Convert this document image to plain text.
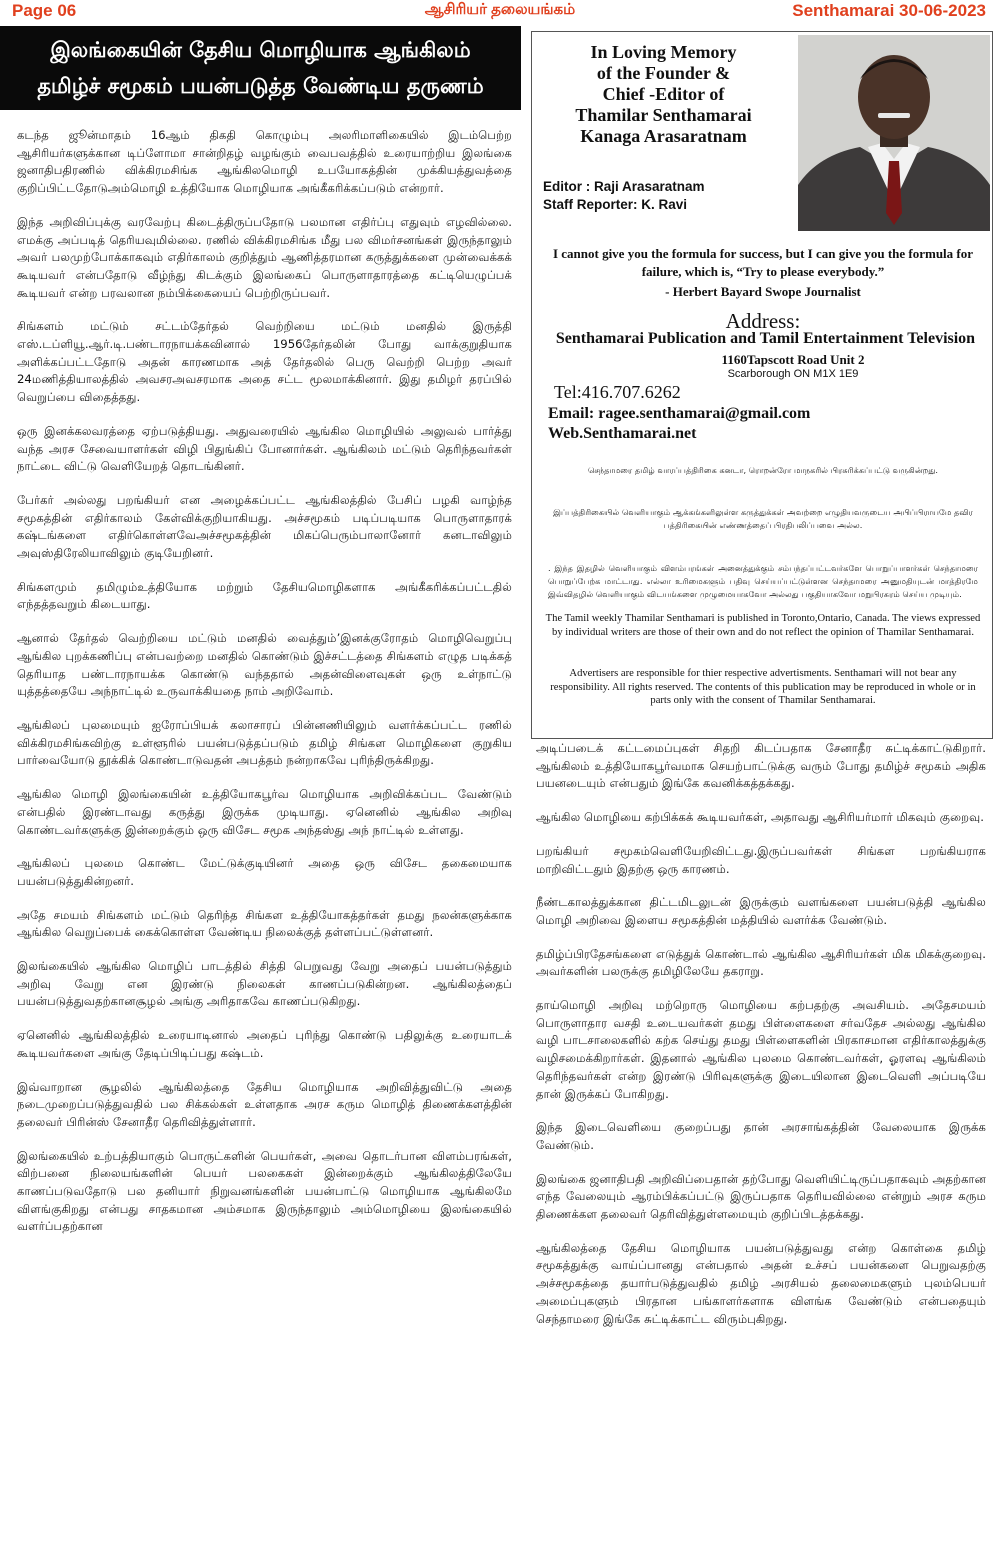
ஆசிரியர் தலையங்கம்
Page 06	Senthamarai 30-06-2023
இலங்கையின் தேசிய மொழியாக ஆங்கிலம்
தமிழ்ச் சமூகம் பயன்படுத்த வேண்டிய தருணம்

கடந்த ஜூன்மாதம் 16ஆம் திகதி கொழும்பு அலரிமாளிகையில் இடம்பெற்ற ஆசிரியர்களுக்கான டிப்ளோமா சான்றிதழ் வழங்கும் வைபவத்தில் உரையாற்றிய இலங்கை ஜனாதிபதிரணில் விக்கிரமசிங்க ஆங்கிலமொழி உபயோகத்தின் முக்கியத்துவத்தை குறிப்பிட்டதோடுஅம்மொழி உத்தியோக மொழியாக அங்கீகரிக்கப்படும் என்றார்.

இந்த அறிவிப்புக்கு வரவேற்பு கிடைத்திருப்பதோடு பலமான எதிர்ப்பு எதுவும் எழவில்லை. எமக்கு அப்படித் தெரியவுமில்லை. ரணில் விக்கிரமசிங்க மீது பல விமர்சனங்கள் இருந்தாலும் அவர் பலமுற்போக்காகவும் எதிர்காலம் குறித்தும் ஆணித்தரமான கருத்துக்களை முன்வைக்கக் கூடியவர் என்பதோடு வீழ்ந்து கிடக்கும் இலங்கைப் பொருளாதாரத்தை கட்டியெழுப்பக் கூடியவர் என்ற பரவலான நம்பிக்கையைப் பெற்றிருப்பவர்.

சிங்களம் மட்டும் சட்டம்தேர்தல் வெற்றியை மட்டும் மனதில் இருத்தி எஸ்.டப்ளியூ.ஆர்.டி.பண்டாரநாயக்கவினால் 1956தேர்தலின் போது வாக்குறுதியாக அளிக்கப்பட்டதோடு அதன் காரணமாக அத் தேர்தலில் பெரு வெற்றி பெற்ற அவர் 24மணித்தியாலத்தில் அவசரஅவசரமாக அதை சட்ட மூலமாக்கினார். இது தமிழர் தரப்பில் வெறுப்பை விதைத்தது.

ஒரு இனக்கலவரத்தை ஏற்படுத்தியது. அதுவரையில் ஆங்கில மொழியில் அலுவல் பார்த்து வந்த அரச சேவையாளர்கள் விழி பிதுங்கிப் போனார்கள். ஆங்கிலம் மட்டும் தெரிந்தவர்கள் நாட்டை விட்டு வெளியேறத் தொடங்கினர்.

பேர்கர் அல்லது பறங்கியர் என அழைக்கப்பட்ட ஆங்கிலத்தில் பேசிப் பழகி வாழ்ந்த சமூகத்தின் எதிர்காலம் கேள்விக்குறியாகியது. அச்சமூகம் படிப்படியாக பொருளாதாரக் கஷ்டங்களை எதிர்கொள்ளவேஅச்சமூகத்தின் மிகப்பெரும்பாலானோர் கனடாவிலும் அவுஸ்திரேலியாவிலும் குடியேறினர்.

சிங்களமும் தமிழும்உத்தியோக மற்றும் தேசியமொழிகளாக அங்கீகரிக்கப்பட்டதில் எந்தத்தவறும் கிடையாது.

ஆனால் தேர்தல் வெற்றியை மட்டும் மனதில் வைத்தும்’இனக்குரோதம் மொழிவெறுப்பு ஆங்கில புறக்கணிப்பு என்பவற்றை மனதில் கொண்டும் இச்சட்டத்தை சிங்களம் எழுத படிக்கத் தெரியாத பண்டாரநாயக்க கொண்டு வந்ததால் அதன்விளைவுகள் ஒரு உள்நாட்டு யுத்தத்தையே அந்நாட்டில் உருவாக்கியதை நாம் அறிவோம்.

ஆங்கிலப் புலமையும் ஐரோப்பியக் கலாசாரப் பின்னணியிலும் வளர்க்கப்பட்ட ரணில் விக்கிரமசிங்கவிற்கு உள்ளூரில் பயன்படுத்தப்படும் தமிழ் சிங்கள மொழிகளை குறுகிய பார்வையோடு தூக்கிக் கொண்டாடுவதன் அபத்தம் நன்றாகவே புரிந்திருக்கிறது.

ஆங்கில மொழி இலங்கையின் உத்தியோகபூர்வ மொழியாக அறிவிக்கப்பட வேண்டும் என்பதில் இரண்டாவது கருத்து இருக்க முடியாது. ஏனெனில் ஆங்கில அறிவு கொண்டவர்களுக்கு இன்றைக்கும் ஒரு விசேட சமூக அந்தஸ்து அந் நாட்டில் உள்ளது.

ஆங்கிலப் புலமை கொண்ட மேட்டுக்குடியினர் அதை ஒரு விசேட தகைமையாக பயன்படுத்துகின்றனர்.

அதே சமயம் சிங்களம் மட்டும் தெரிந்த சிங்கள உத்தியோகத்தர்கள் தமது நலன்களுக்காக ஆங்கில வெறுப்பைக் கைக்கொள்ள வேண்டிய நிலைக்குத் தள்ளப்பட்டுள்ளனர்.

இலங்கையில் ஆங்கில மொழிப் பாடத்தில் சித்தி பெறுவது வேறு அதைப் பயன்படுத்தும் அறிவு வேறு என இரண்டு நிலைகள் காணப்படுகின்றன. ஆங்கிலத்தைப் பயன்படுத்துவதற்கானசூழல் அங்கு அரிதாகவே காணப்படுகிறது.

ஏனெனில் ஆங்கிலத்தில் உரையாடினால் அதைப் புரிந்து கொண்டு பதிலுக்கு உரையாடக் கூடியவர்களை அங்கு தேடிப்பிடிப்பது கஷ்டம்.

இவ்வாறான சூழலில் ஆங்கிலத்தை தேசிய மொழியாக அறிவித்துவிட்டு அதை நடைமுறைப்படுத்துவதில் பல சிக்கல்கள் உள்ளதாக அரச கரும மொழித் திணைக்களத்தின் தலைவர் பிரின்ஸ் சேனாதீர தெரிவித்துள்ளார்.

இலங்கையில் உற்பத்தியாகும் பொருட்களின் பெயர்கள், அவை தொடர்பான விளம்பரங்கள், விற்பனை நிலையங்களின் பெயர் பலகைகள் இன்றைக்கும் ஆங்கிலத்திலேயே காணப்படுவதோடு பல தனியார் நிறுவனங்களின் பயன்பாட்டு மொழியாக ஆங்கிலமே விளங்குகிறது என்பது சாதகமான அம்சமாக இருந்தாலும் அம்மொழியை இலங்கையில் வளர்ப்பதற்கான

In Loving Memory
of the Founder &
Chief -Editor of
Thamilar Senthamarai
Kanaga Arasaratnam
Editor : Raji Arasaratnam
Staff Reporter: K. Ravi
I cannot give you the formula for success, but I can give you the formula for failure, which is, “Try to please everybody.”
- Herbert Bayard Swope Journalist
Address:
Senthamarai Publication and Tamil Entertainment Television
1160Tapscott Road Unit 2
Scarborough ON M1X 1E9
Tel:416.707.6262
Email: ragee.senthamarai@gmail.com
Web.Senthamarai.net
செந்தாமரை தமிழ் வாரப்பத்திரிகை கனடா, ரொறன்ரோ மாநகரில் பிரசுரிக்கப்பட்டு வருகின்றது.
இப்பத்திரிகையில் வெளியாகும் ஆக்கங்களிலுள்ள கருத்துக்கள் அவற்றை எழுதியவருடைய அபிப்பிராயமே தவிர பத்திரிகையின் எண்ணத்தைப் பிரதிபலிப்பவை அல்ல.
. இந்த இதழில் வெளியாகும் விளம்பரங்கள் அனைத்துக்கும் சம்பந்தப்பட்டவர்களே பொறுப்பாளர்கள் செந்தாமரை பொறுப்பேற்க மாட்டாது. எல்லா உரிமைகளும் பதிவு செய்யப்பட்டுள்ளன செந்தாமரை அனுமதியுடன் மாத்திரமே இவ்விதழில் வெளியாகும் விடயங்களை முழுமையாகவோ அல்லது பகுதியாகவோ மறுபிரசுரம் செய்ய முடியும்.
The Tamil weekly Thamilar Senthamari is published in Toronto,Ontario, Canada. The views expressed by individual writers are those of their own and do not reflect the opinion of Thamilar Senthamarai.
Advertisers are responsible for thier respective advertisments. Senthamari will not bear any responsibility. All rights reserved. The contents of this publication may be reproduced in whole or in parts only with the consent of Thamilar Senthamarai.

அடிப்படைக் கட்டமைப்புகள் சிதறி கிடப்பதாக சேனாதீர சுட்டிக்காட்டுகிறார். ஆங்கிலம் உத்தியோகபூர்வமாக செயற்பாட்டுக்கு வரும் போது தமிழ்ச் சமூகம் அதிக பயனடையும் என்பதும் இங்கே கவனிக்கத்தக்கது.

ஆங்கில மொழியை கற்பிக்கக் கூடியவர்கள், அதாவது ஆசிரியர்மார் மிகவும் குறைவு.

பறங்கியர் சமூகம்வெளியேறிவிட்டது.இருப்பவர்கள் சிங்கள பறங்கியராக மாறிவிட்டதும் இதற்கு ஒரு காரணம்.

நீண்டகாலத்துக்கான திட்டமிடலுடன் இருக்கும் வளங்களை பயன்படுத்தி ஆங்கில மொழி அறிவை இளைய சமூகத்தின் மத்தியில் வளர்க்க வேண்டும்.

தமிழ்ப்பிரதேசங்களை எடுத்துக் கொண்டால் ஆங்கில ஆசிரியர்கள் மிக மிகக்குறைவு. அவர்களின் பலருக்கு தமிழிலேயே தகராறு.

தாய்மொழி அறிவு மற்றொரு மொழியை கற்பதற்கு அவசியம். அதேசமயம் பொருளாதார வசதி உடையவர்கள் தமது பிள்ளைகளை சர்வதேச அல்லது ஆங்கில வழி பாடசாலைகளில் கற்க செய்து தமது பிள்ளைகளின் பிரகாசமான எதிர்காலத்துக்கு வழிசமைக்கிறார்கள். இதனால் ஆங்கில புலமை கொண்டவர்கள், ஓரளவு ஆங்கிலம் தெரிந்தவர்கள் என்ற இரண்டு பிரிவுகளுக்கு இடையிலான இடைவெளி அப்படியே தான் இருக்கப் போகிறது.

இந்த இடைவெளியை குறைப்பது தான் அரசாங்கத்தின் வேலையாக இருக்க வேண்டும்.

இலங்கை ஜனாதிபதி அறிவிப்பைதான் தற்போது வெளியிட்டிருப்பதாகவும் அதற்கான எந்த வேலையும் ஆரம்பிக்கப்பட்டு இருப்பதாக தெரியவில்லை என்றும் அரச கரும திணைக்கள தலைவர் தெரிவித்துள்ளமையும் குறிப்பிடத்தக்கது.

ஆங்கிலத்தை தேசிய மொழியாக பயன்படுத்துவது என்ற கொள்கை தமிழ் சமூகத்துக்கு வாய்ப்பானது என்பதால் அதன் உச்சப் பயன்களை பெறுவதற்கு அச்சமூகத்தை தயார்படுத்துவதில் தமிழ் அரசியல் தலைமைகளும் புலம்பெயர் அமைப்புகளும் பிரதான பங்காளர்களாக விளங்க வேண்டும் என்பதையும் செந்தாமரை இங்கே சுட்டிக்காட்ட விரும்புகிறது.
